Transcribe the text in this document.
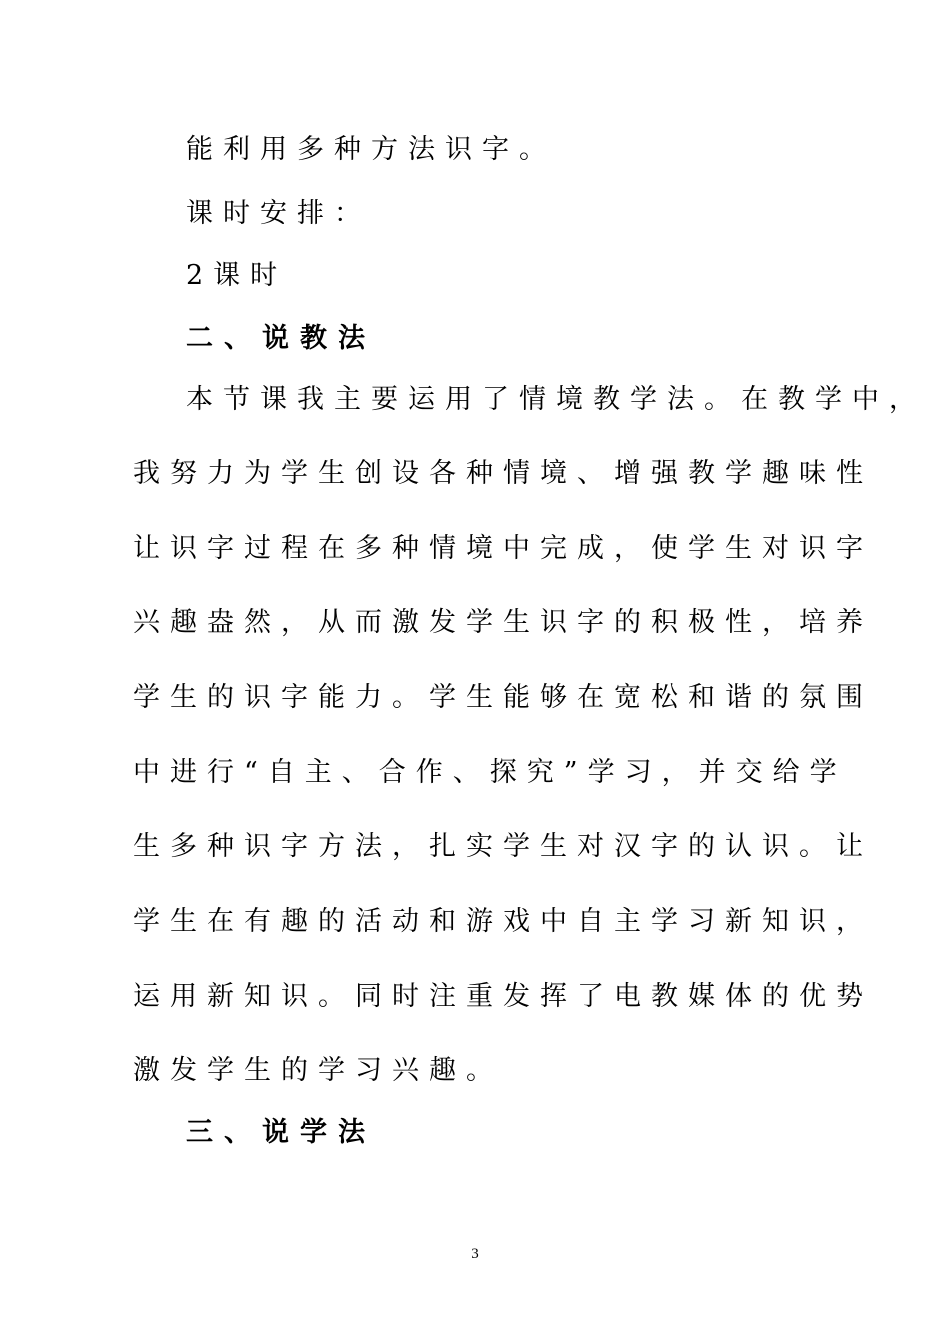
能利用多种方法识字。
课时安排：
2课时
二、说教法
本节课我主要运用了情境教学法。在教学中，
我努力为学生创设各种情境、增强教学趣味性
让识字过程在多种情境中完成，使学生对识字
兴趣盎然，从而激发学生识字的积极性，培养
学生的识字能力。学生能够在宽松和谐的氛围
中进行“自主、合作、探究”学习，并交给学
生多种识字方法，扎实学生对汉字的认识。让
学生在有趣的活动和游戏中自主学习新知识，
运用新知识。同时注重发挥了电教媒体的优势
激发学生的学习兴趣。
三、说学法
3
